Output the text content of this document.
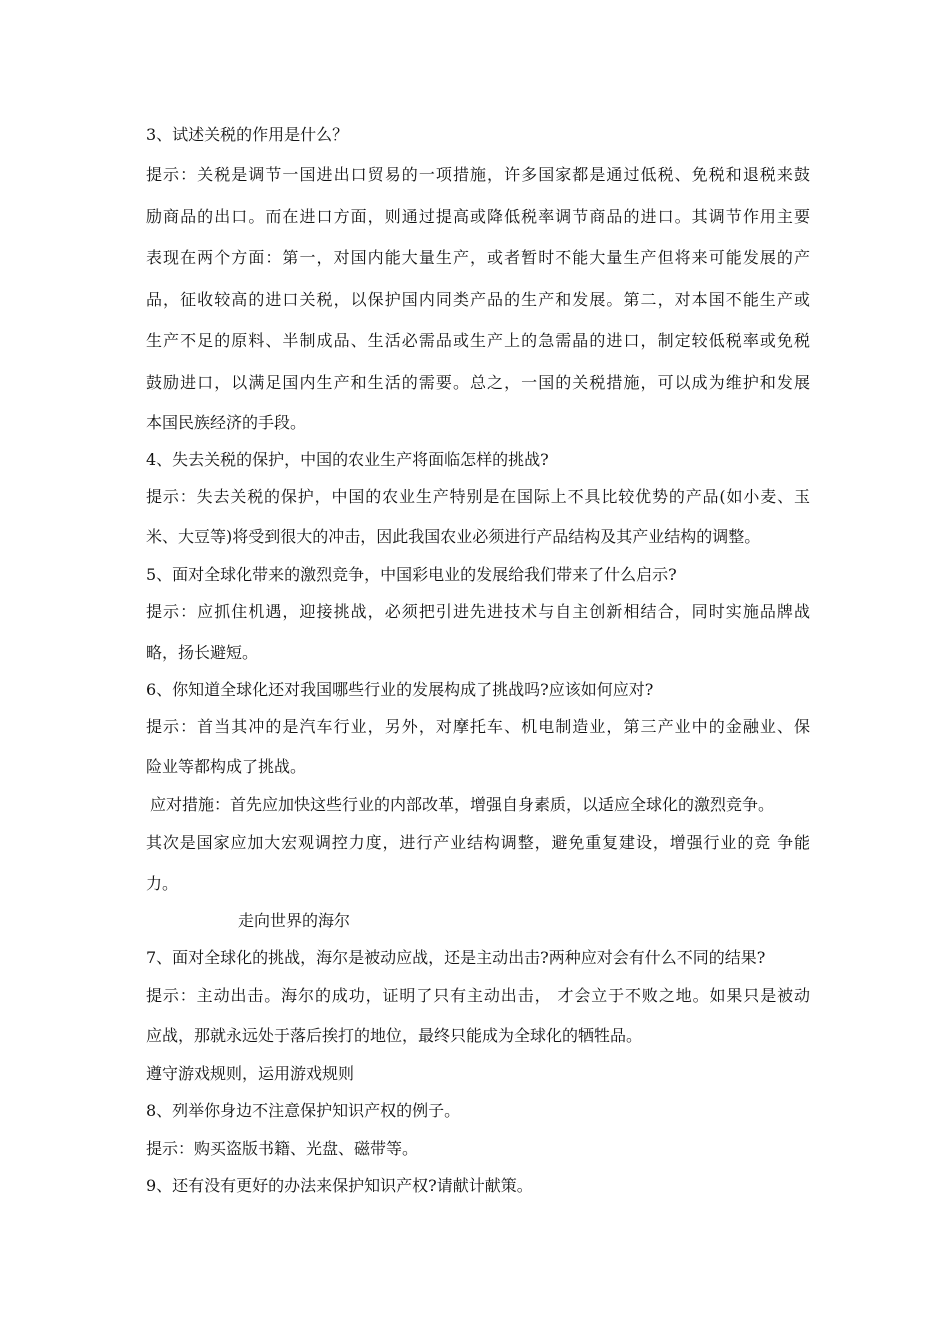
3、试述关税的作用是什么？
提示：关税是调节一国进出口贸易的一项措施，许多国家都是通过低税、免税和退税来鼓
励商品的出口。而在进口方面，则通过提高或降低税率调节商品的进口。其调节作用主要
表现在两个方面：第一，对国内能大量生产，或者暂时不能大量生产但将来可能发展的产
品，征收较高的进口关税，以保护国内同类产品的生产和发展。第二，对本国不能生产或
生产不足的原料、半制成品、生活必需品或生产上的急需晶的进口，制定较低税率或免税
鼓励进口，以满足国内生产和生活的需要。总之，一国的关税措施，可以成为维护和发展
本国民族经济的手段。
4、失去关税的保护，中国的农业生产将面临怎样的挑战?
提示：失去关税的保护，中国的农业生产特别是在国际上不具比较优势的产品(如小麦、玉
米、大豆等)将受到很大的冲击，因此我国农业必须进行产品结构及其产业结构的调整。
5、面对全球化带来的激烈竞争，中国彩电业的发展给我们带来了什么启示?
提示：应抓住机遇，迎接挑战，必须把引进先进技术与自主创新相结合，同时实施品牌战
略，扬长避短。
6、你知道全球化还对我国哪些行业的发展构成了挑战吗?应该如何应对?
提示：首当其冲的是汽车行业，另外，对摩托车、机电制造业，第三产业中的金融业、保
险业等都构成了挑战。
应对措施：首先应加快这些行业的内部改革，增强自身素质，以适应全球化的激烈竞争。
其次是国家应加大宏观调控力度，进行产业结构调整，避免重复建设，增强行业的竞 争能
力。
走向世界的海尔
7、面对全球化的挑战，海尔是被动应战，还是主动出击?两种应对会有什么不同的结果?
提示：主动出击。海尔的成功，证明了只有主动出击， 才会立于不败之地。如果只是被动
应战，那就永远处于落后挨打的地位，最终只能成为全球化的牺牲品。
遵守游戏规则，运用游戏规则
8、列举你身边不注意保护知识产权的例子。
提示：购买盗版书籍、光盘、磁带等。
9、还有没有更好的办法来保护知识产权?请献计献策。
